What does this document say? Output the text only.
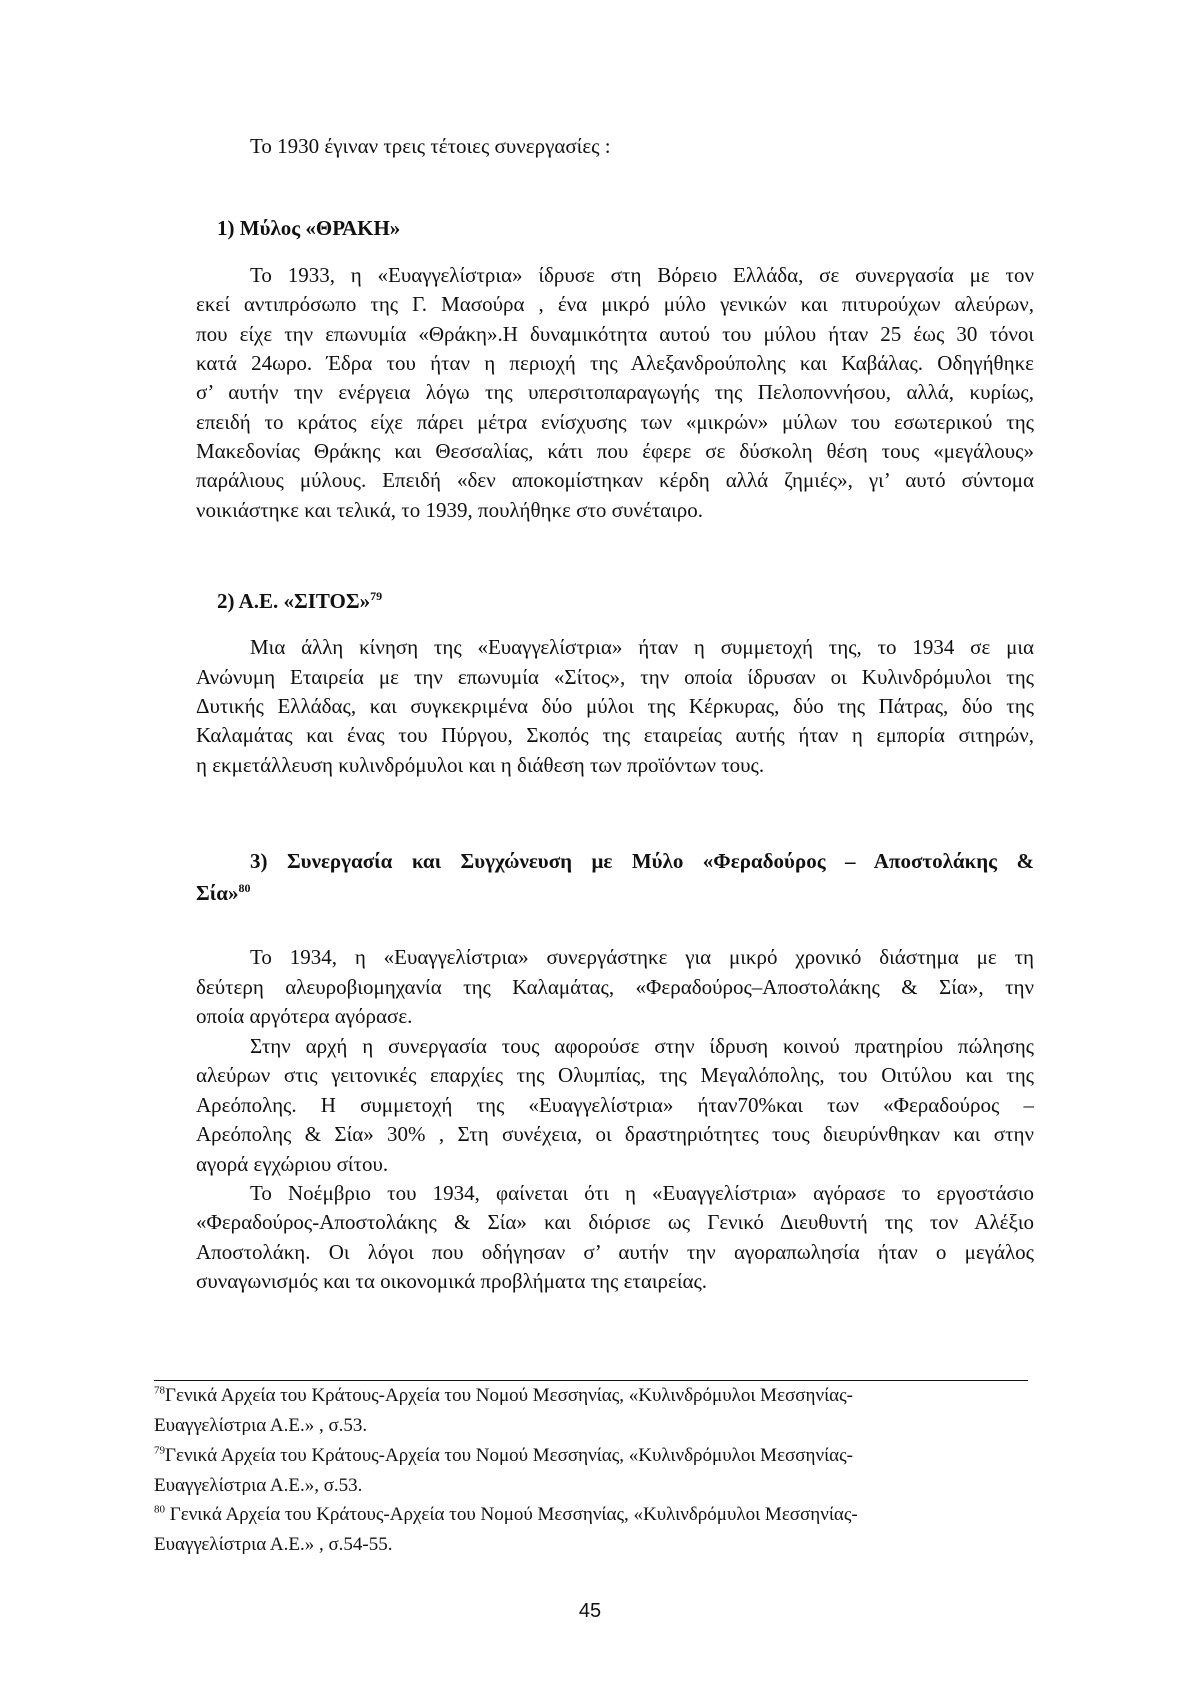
Το 1930 έγιναν τρεις τέτοιες συνεργασίες :
1) Μύλος «ΘΡΑΚΗ»
Το 1933, η «Ευαγγελίστρια» ίδρυσε στη Βόρειο Ελλάδα, σε συνεργασία με τον
εκεί αντιπρόσωπο της Γ. Μασούρα , ένα μικρό μύλο γενικών και πιτυρούχων αλεύρων,
που είχε την επωνυμία «Θράκη».Η δυναμικότητα αυτού του μύλου ήταν 25 έως 30 τόνοι
κατά 24ωρο. Έδρα του ήταν η περιοχή της Αλεξανδρούπολης και Καβάλας. Οδηγήθηκε
σ’ αυτήν την ενέργεια λόγω της υπερσιτοπαραγωγής της Πελοποννήσου, αλλά, κυρίως,
επειδή το κράτος είχε πάρει μέτρα ενίσχυσης των «μικρών» μύλων του εσωτερικού της
Μακεδονίας Θράκης και Θεσσαλίας, κάτι που έφερε σε δύσκολη θέση τους «μεγάλους»
παράλιους μύλους. Επειδή «δεν αποκομίστηκαν κέρδη αλλά ζημιές», γι’ αυτό σύντομα
νοικιάστηκε και τελικά, το 1939, πουλήθηκε στο συνέταιρο.
2) Α.Ε. «ΣΙΤΟΣ»$^{79}$
Μια άλλη κίνηση της «Ευαγγελίστρια» ήταν η συμμετοχή της, το 1934 σε μια
Ανώνυμη Εταιρεία με την επωνυμία «Σίτος», την οποία ίδρυσαν οι Κυλινδρόμυλοι της
Δυτικής Ελλάδας, και συγκεκριμένα δύο μύλοι της Κέρκυρας, δύο της Πάτρας, δύο της
Καλαμάτας και ένας του Πύργου, Σκοπός της εταιρείας αυτής ήταν η εμπορία σιτηρών,
η εκμετάλλευση κυλινδρόμυλοι και η διάθεση των προϊόντων τους.
3) Συνεργασία και Συγχώνευση με Μύλο «Φεραδούρος – Αποστολάκης &
Σία»$^{80}$
Το 1934, η «Ευαγγελίστρια» συνεργάστηκε για μικρό χρονικό διάστημα με τη
δεύτερη αλευροβιομηχανία της Καλαμάτας, «Φεραδούρος–Αποστολάκης & Σία», την
οποία αργότερα αγόρασε.
Στην αρχή η συνεργασία τους αφορούσε στην ίδρυση κοινού πρατηρίου πώλησης
αλεύρων στις γειτονικές επαρχίες της Ολυμπίας, της Μεγαλόπολης, του Οιτύλου και της
Αρεόπολης. Η συμμετοχή της «Ευαγγελίστρια» ήταν70%και των «Φεραδούρος –
Αρεόπολης & Σία» 30% , Στη συνέχεια, οι δραστηριότητες τους διευρύνθηκαν και στην
αγορά εγχώριου σίτου.
Το Νοέμβριο του 1934, φαίνεται ότι η «Ευαγγελίστρια» αγόρασε το εργοστάσιο
«Φεραδούρος-Αποστολάκης & Σία» και διόρισε ως Γενικό Διευθυντή της τον Αλέξιο
Αποστολάκη. Οι λόγοι που οδήγησαν σ’ αυτήν την αγοραπωλησία ήταν ο μεγάλος
συναγωνισμός και τα οικονομικά προβλήματα της εταιρείας.
$^{78}$Γενικά Αρχεία του Κράτους-Αρχεία του Νομού Μεσσηνίας, «Κυλινδρόμυλοι Μεσσηνίας-
Ευαγγελίστρια Α.Ε.» , σ.53.
$^{79}$Γενικά Αρχεία του Κράτους-Αρχεία του Νομού Μεσσηνίας, «Κυλινδρόμυλοι Μεσσηνίας-
Ευαγγελίστρια Α.Ε.», σ.53.
$^{80}$ Γενικά Αρχεία του Κράτους-Αρχεία του Νομού Μεσσηνίας, «Κυλινδρόμυλοι Μεσσηνίας-
Ευαγγελίστρια Α.Ε.» , σ.54-55.
45
